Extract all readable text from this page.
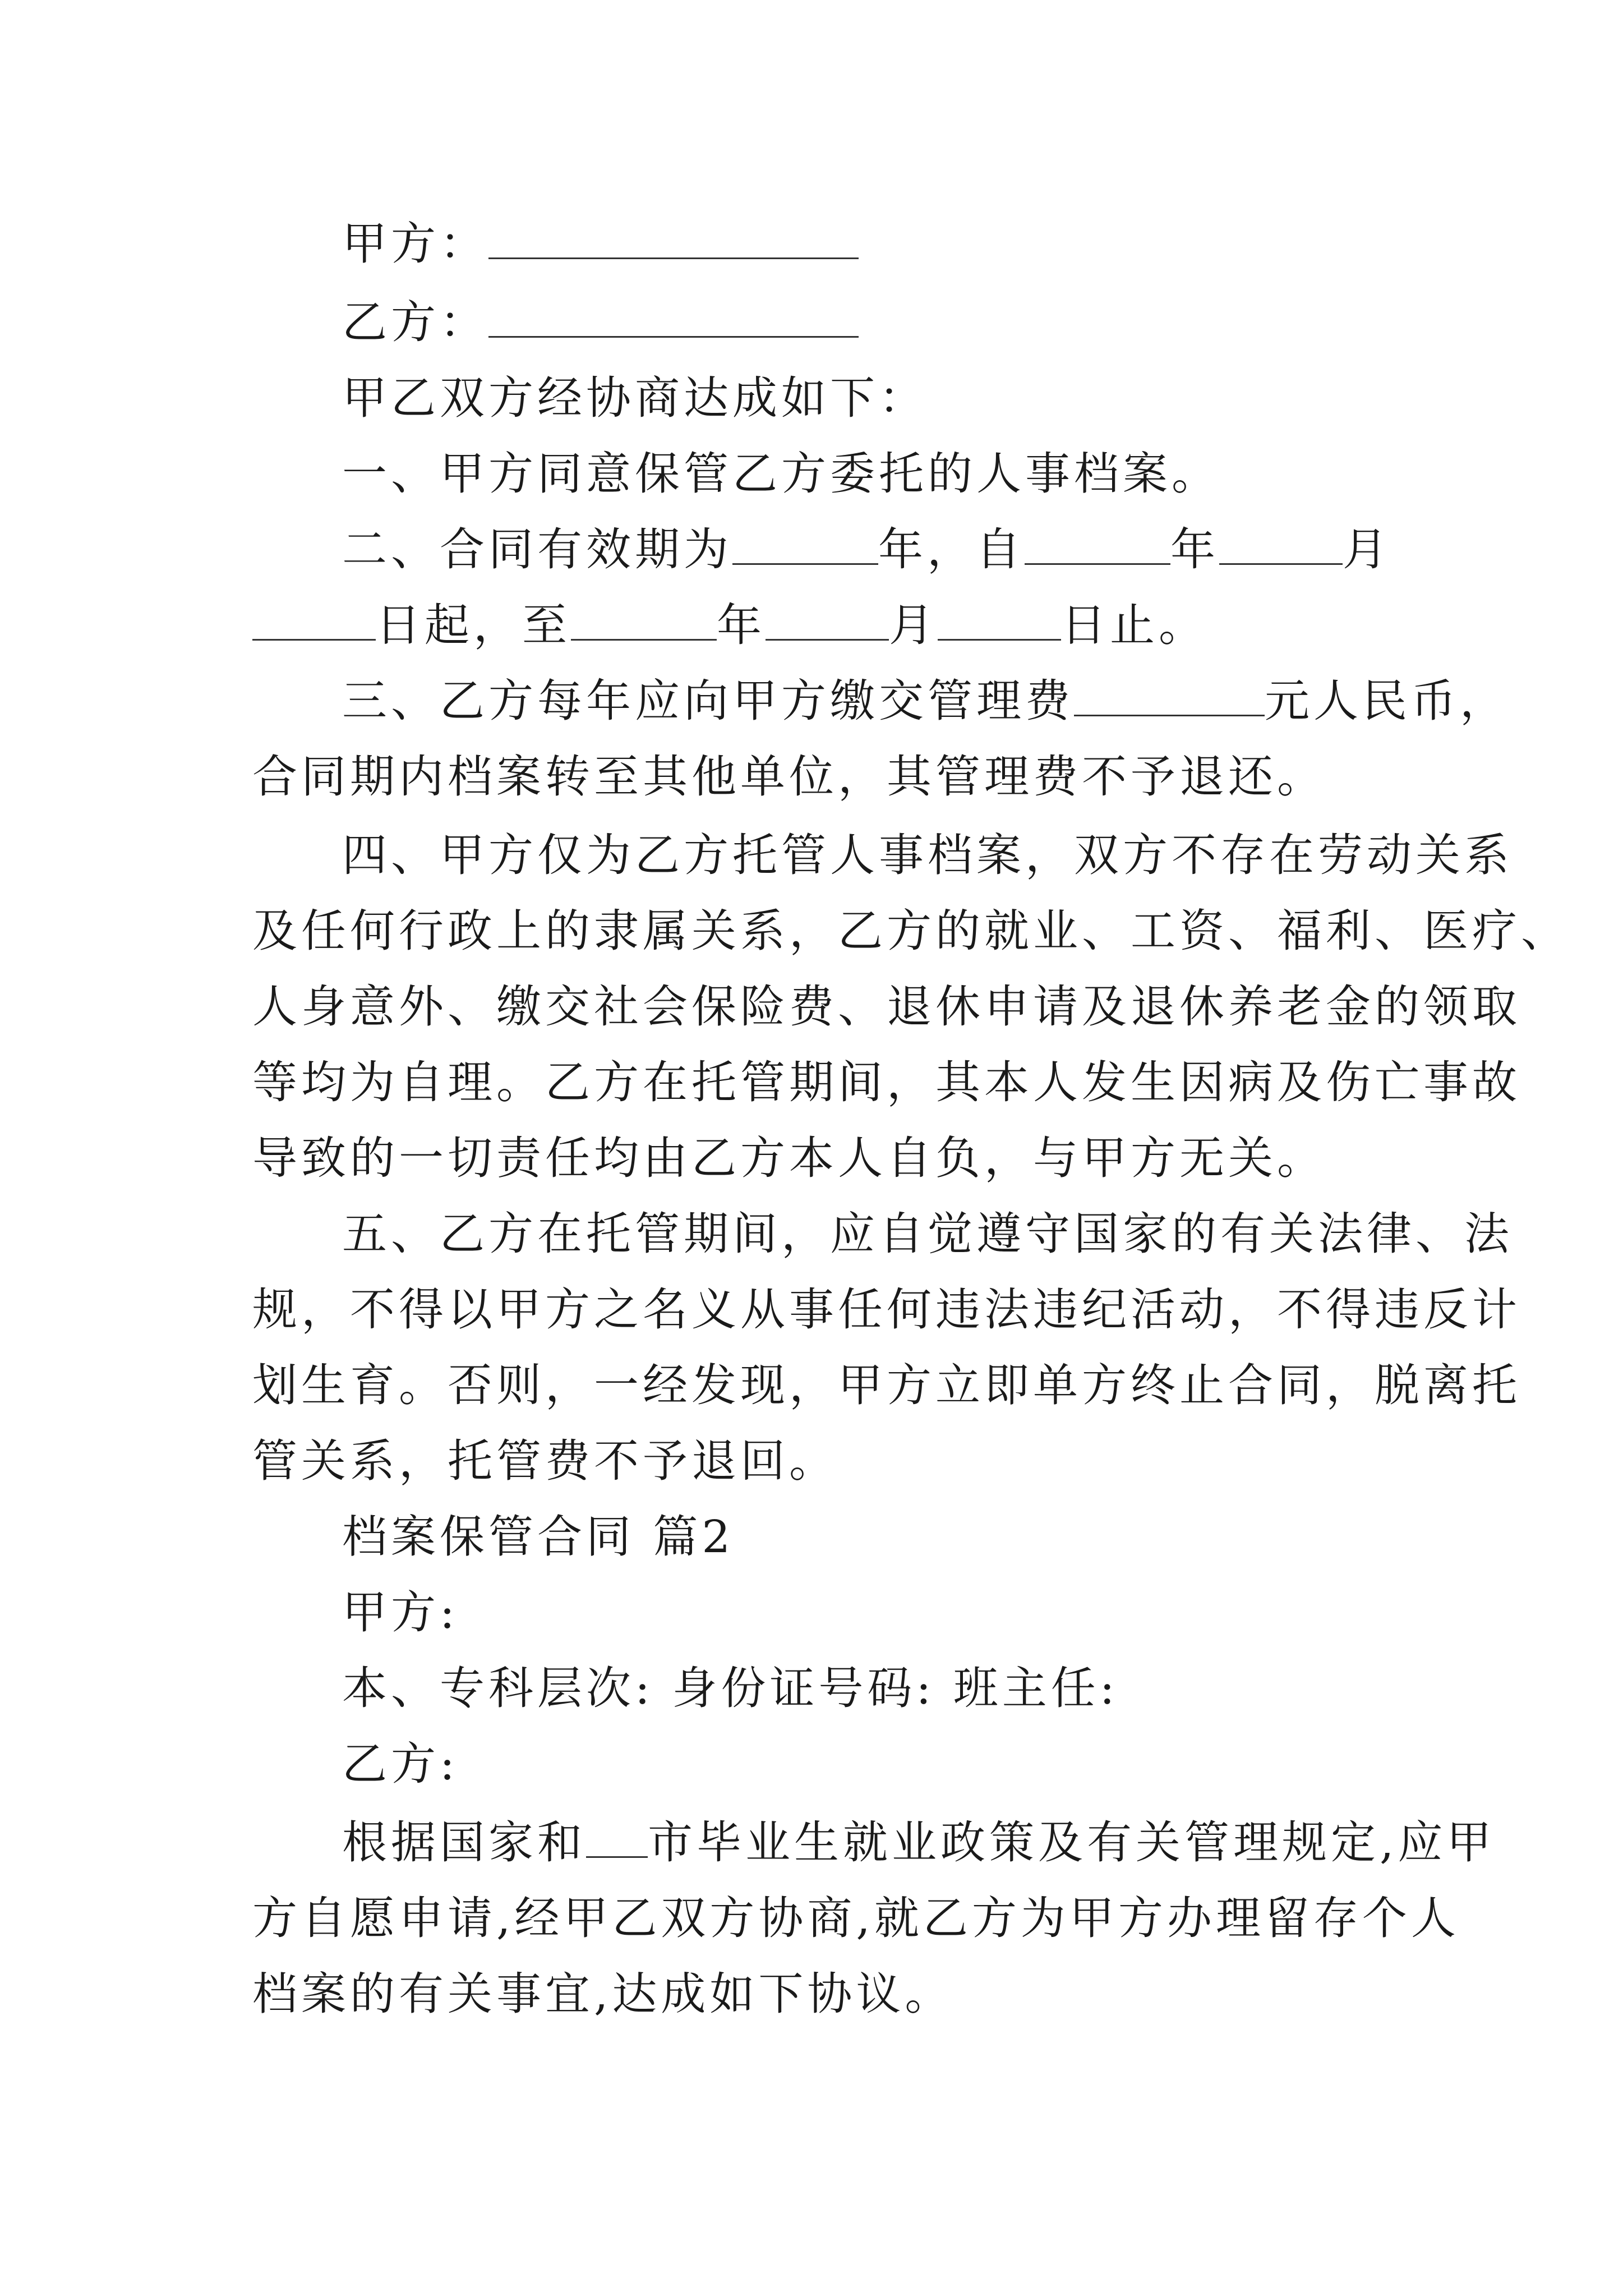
甲方：
乙方：
甲乙双方经协商达成如下：
一、甲方同意保管乙方委托的人事档案。
二、合同有效期为	年，自	年	月
日起，至	年	月	日止。
三、乙方每年应向甲方缴交管理费	元人民币，
合同期内档案转至其他单位，其管理费不予退还。
四、甲方仅为乙方托管人事档案，双方不存在劳动关系
及任何行政上的隶属关系，乙方的就业、工资、福利、医疗、
人身意外、缴交社会保险费、退休申请及退休养老金的领取
等均为自理。乙方在托管期间，其本人发生因病及伤亡事故
导致的一切责任均由乙方本人自负，与甲方无关。
五、乙方在托管期间，应自觉遵守国家的有关法律、法
规，不得以甲方之名义从事任何违法违纪活动，不得违反计
划生育。否则，一经发现，甲方立即单方终止合同，脱离托
管关系，托管费不予退回。
档案保管合同 篇2
甲方:
本、专科层次: 身份证号码: 班主任:
乙方:
根据国家和 市毕业生就业政策及有关管理规定,应甲
方自愿申请,经甲乙双方协商,就乙方为甲方办理留存个人
档案的有关事宜,达成如下协议。
